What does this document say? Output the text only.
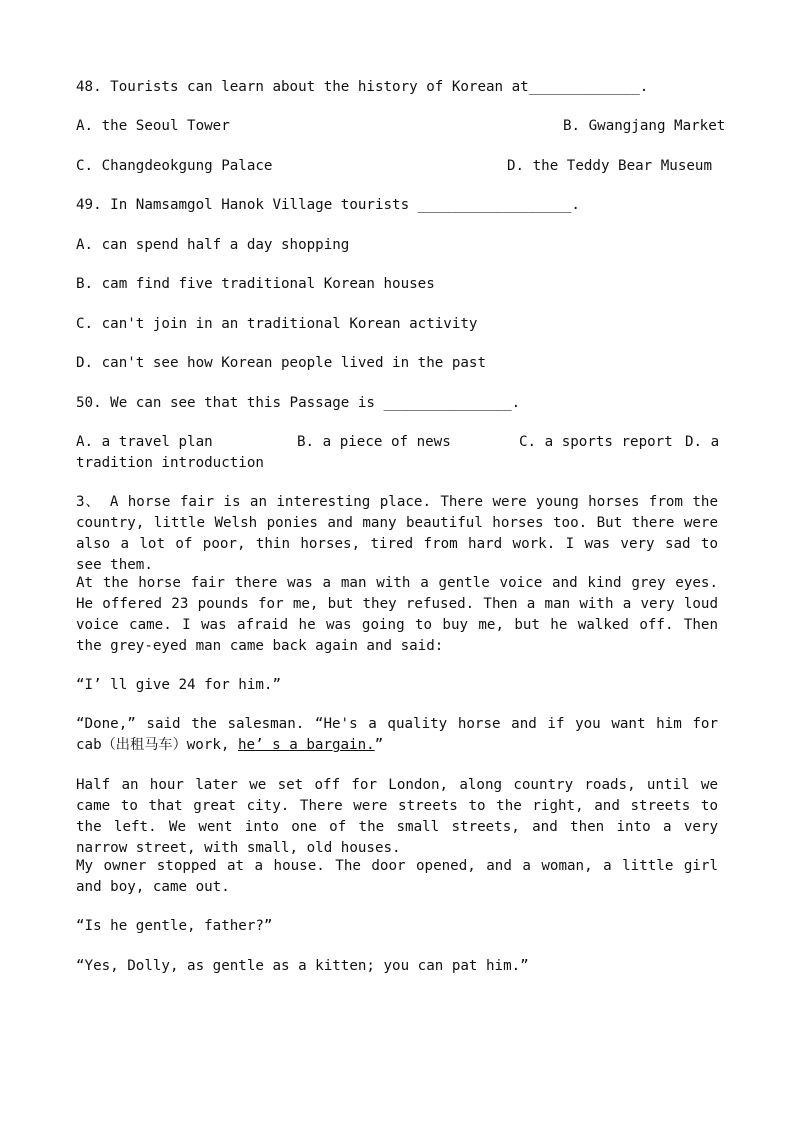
48. Tourists can learn about the history of Korean at_____________.
A. the Seoul Tower	B. Gwangjang Market
C. Changdeokgung Palace	D. the Teddy Bear Museum
49. In Namsamgol Hanok Village tourists __________________.
A. can spend half a day shopping
B. cam find five traditional Korean houses
C. can't join in an traditional Korean activity
D. can't see how Korean people lived in the past
50. We can see that this Passage is _______________.
A. a travel plan	B. a piece of news	C. a sports report D. a
tradition introduction
3、 A horse fair is an interesting place. There were young horses from the country, little Welsh ponies and many beautiful horses too. But there were also a lot of poor, thin horses, tired from hard work. I was very sad to see them.
At the horse fair there was a man with a gentle voice and kind grey eyes. He offered 23 pounds for me, but they refused. Then a man with a very loud voice came. I was afraid he was going to buy me, but he walked off. Then the grey-eyed man came back again and said:
“I’ ll give 24 for him.”
“Done,” said the salesman. “He's a quality horse and if you want him for cab（出租马车）work, he’ s a bargain.”
Half an hour later we set off for London, along country roads, until we came to that great city. There were streets to the right, and streets to the left. We went into one of the small streets, and then into a very narrow street, with small, old houses.
My owner stopped at a house. The door opened, and a woman, a little girl and boy, came out.
“Is he gentle, father?”
“Yes, Dolly, as gentle as a kitten; you can pat him.”
